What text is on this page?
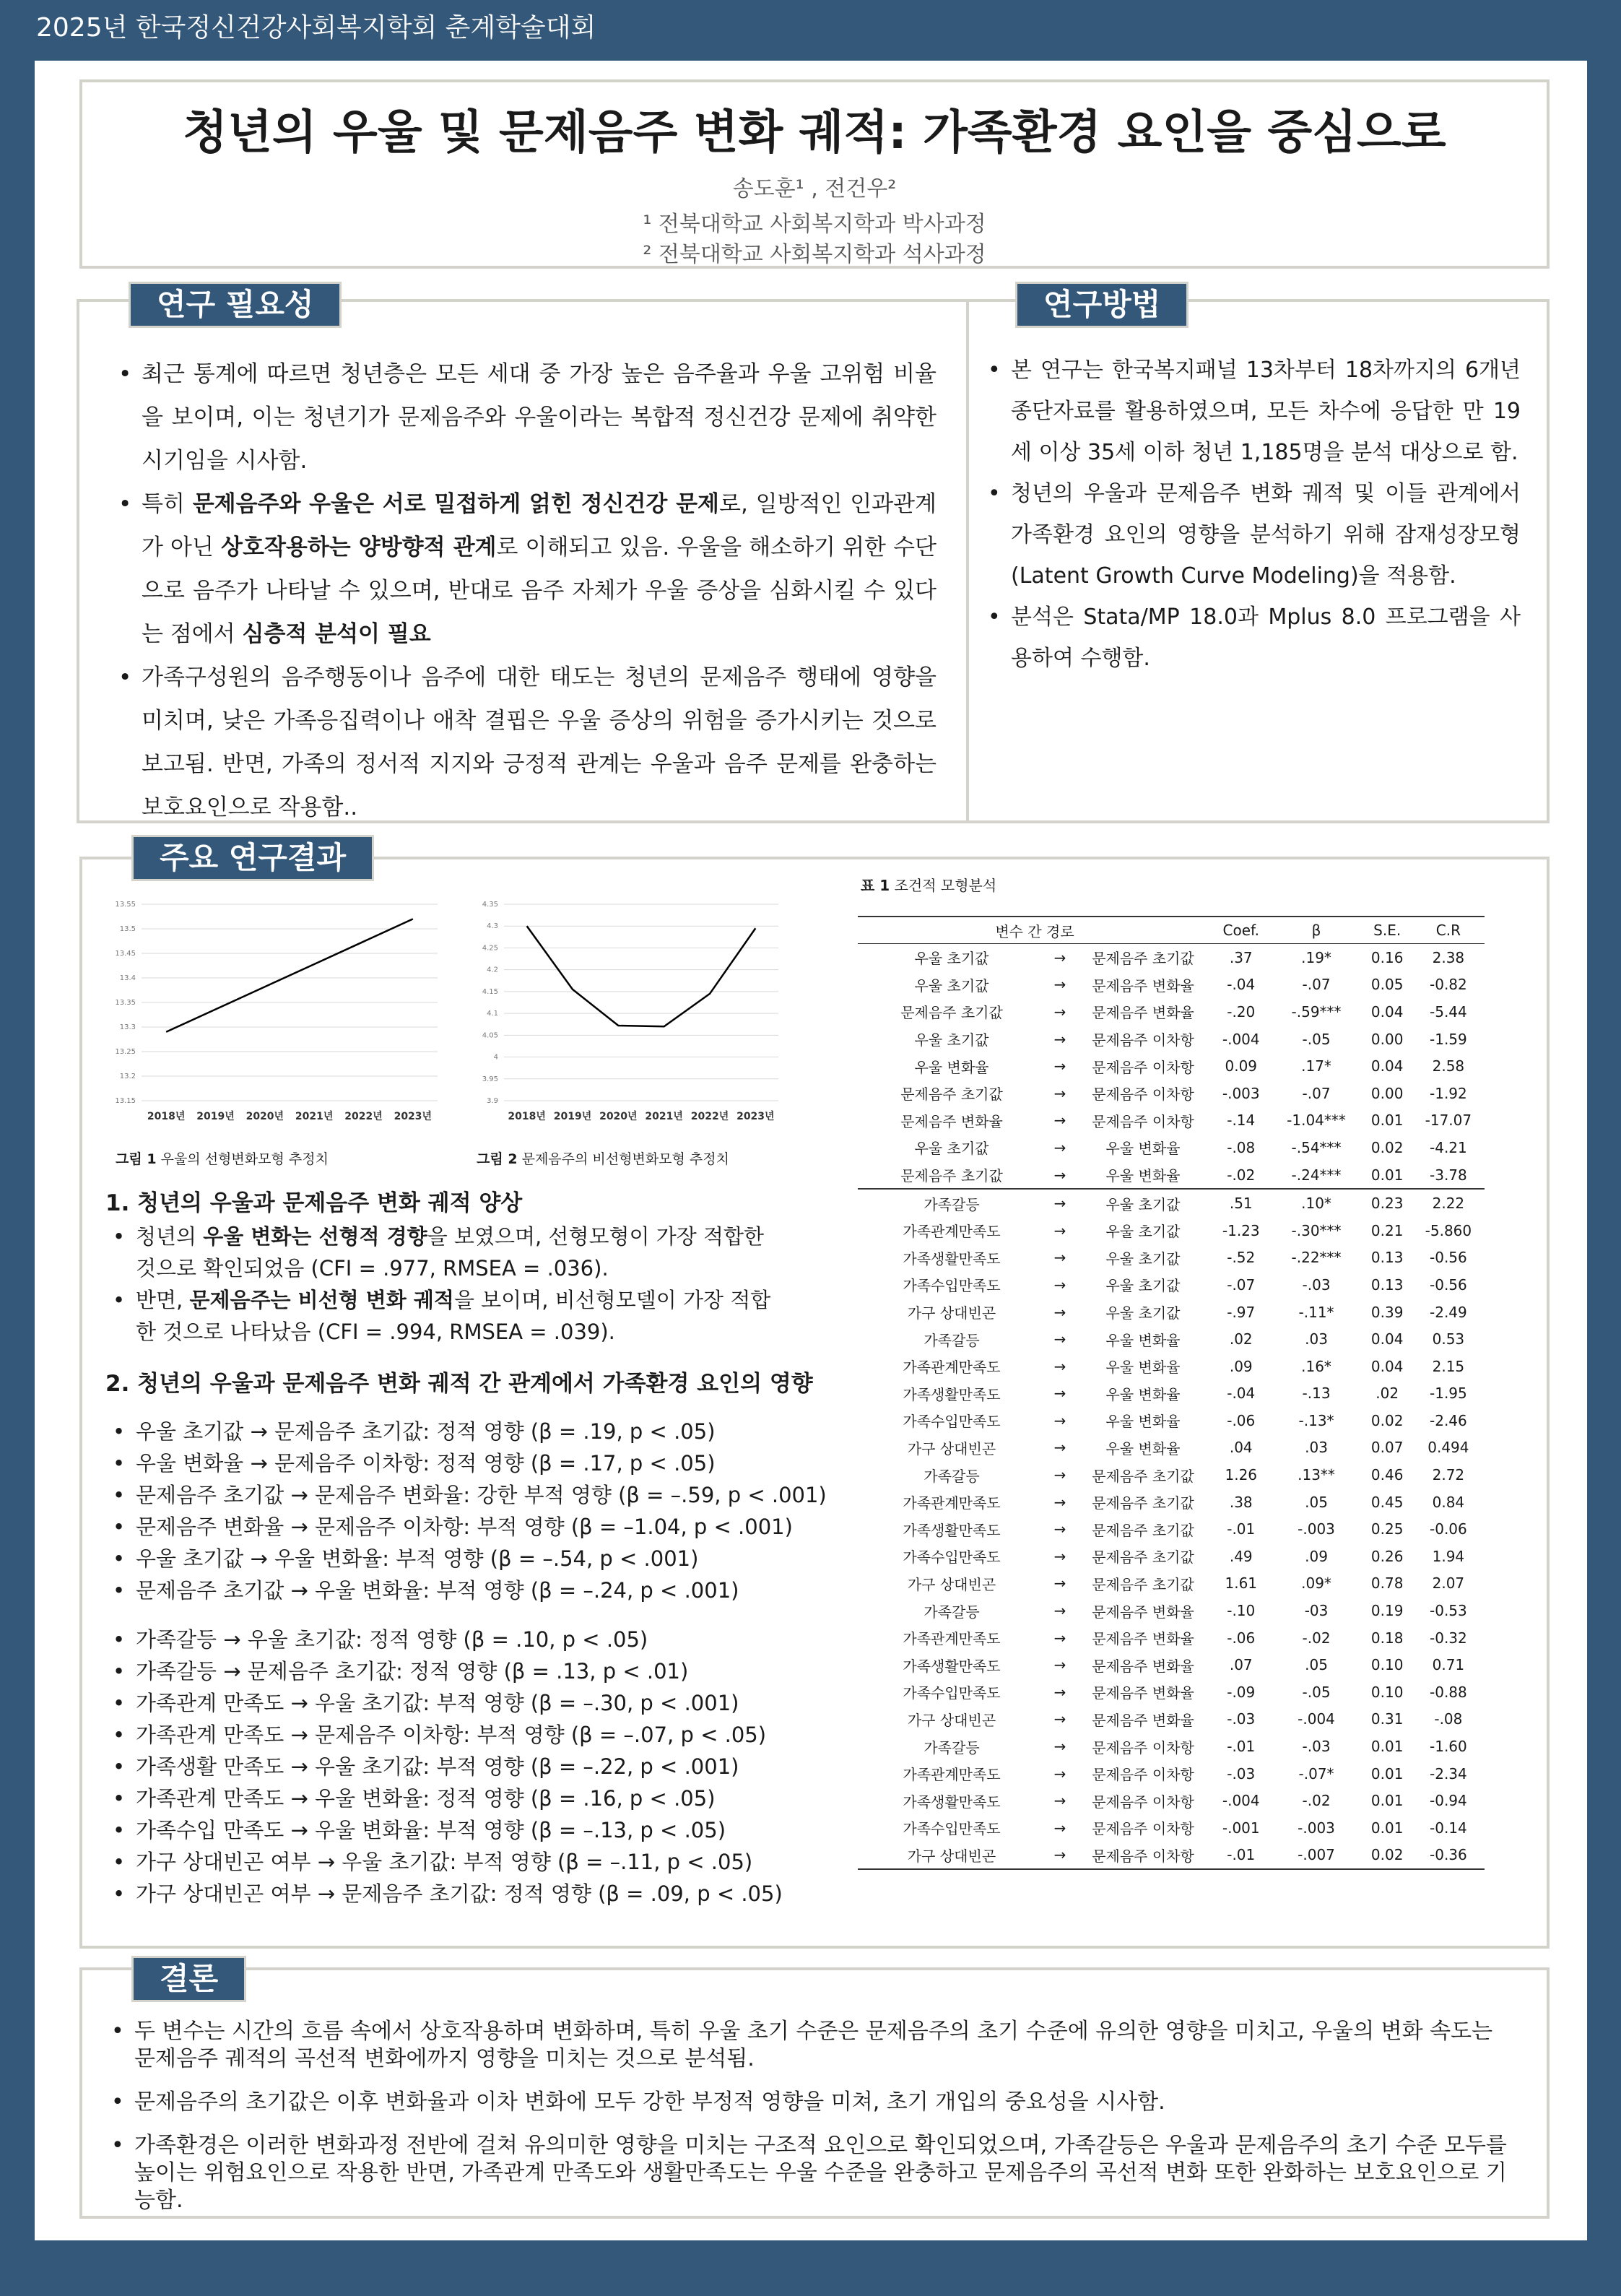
2025년 한국정신건강사회복지학회 춘계학술대회
청년의 우울 및 문제음주 변화 궤적: 가족환경 요인을 중심으로
송도훈¹ , 전건우²
¹ 전북대학교 사회복지학과 박사과정
² 전북대학교 사회복지학과 석사과정
• 최근 통계에 따르면 청년층은 모든 세대 중 가장 높은 음주율과 우울 고위험 비율을 보이며, 이는 청년기가 문제음주와 우울이라는 복합적 정신건강 문제에 취약한 시기임을 시사함.
• 특히 문제음주와 우울은 서로 밀접하게 얽힌 정신건강 문제로, 일방적인 인과관계가 아닌 상호작용하는 양방향적 관계로 이해되고 있음. 우울을 해소하기 위한 수단으로 음주가 나타날 수 있으며, 반대로 음주 자체가 우울 증상을 심화시킬 수 있다는 점에서 심층적 분석이 필요
• 가족구성원의 음주행동이나 음주에 대한 태도는 청년의 문제음주 행태에 영향을 미치며, 낮은 가족응집력이나 애착 결핍은 우울 증상의 위험을 증가시키는 것으로 보고됨. 반면, 가족의 정서적 지지와 긍정적 관계는 우울과 음주 문제를 완충하는 보호요인으로 작용함..
연구 필요성
• 본 연구는 한국복지패널 13차부터 18차까지의 6개년 종단자료를 활용하였으며, 모든 차수에 응답한 만 19세 이상 35세 이하 청년 1,185명을 분석 대상으로 함.
• 청년의 우울과 문제음주 변화 궤적 및 이들 관계에서 가족환경 요인의 영향을 분석하기 위해 잠재성장모형(Latent Growth Curve Modeling)을 적용함.
• 분석은 Stata/MP 18.0과 Mplus 8.0 프로그램을 사용하여 수행함.
연구방법
주요 연구결과
13.55
13.5
13.45
13.4
13.35
13.3
13.25
13.2
13.15
2018년 2019년 2020년 2021년 2022년 2023년
4.35
4.3
4.25
4.2
4.15
4.1
4.05
4
3.95
3.9
2018년 2019년 2020년 2021년 2022년 2023년
그림 1 우울의 선형변화모형 추정치	그림 2 문제음주의 비선형변화모형 추정치
1. 청년의 우울과 문제음주 변화 궤적 양상
• 청년의 우울 변화는 선형적 경향을 보였으며, 선형모형이 가장 적합한 것으로 확인되었음 (CFI = .977, RMSEA = .036).
• 반면, 문제음주는 비선형 변화 궤적을 보이며, 비선형모델이 가장 적합한 것으로 나타났음 (CFI = .994, RMSEA = .039).
2. 청년의 우울과 문제음주 변화 궤적 간 관계에서 가족환경 요인의 영향
• 우울 초기값 → 문제음주 초기값: 정적 영향 (β = .19, p < .05)
• 우울 변화율 → 문제음주 이차항: 정적 영향 (β = .17, p < .05)
• 문제음주 초기값 → 문제음주 변화율: 강한 부적 영향 (β = –.59, p < .001)
• 문제음주 변화율 → 문제음주 이차항: 부적 영향 (β = –1.04, p < .001)
• 우울 초기값 → 우울 변화율: 부적 영향 (β = –.54, p < .001)
• 문제음주 초기값 → 우울 변화율: 부적 영향 (β = –.24, p < .001)
• 가족갈등 → 우울 초기값: 정적 영향 (β = .10, p < .05)
• 가족갈등 → 문제음주 초기값: 정적 영향 (β = .13, p < .01)
• 가족관계 만족도 → 우울 초기값: 부적 영향 (β = –.30, p < .001)
• 가족관계 만족도 → 문제음주 이차항: 부적 영향 (β = –.07, p < .05)
• 가족생활 만족도 → 우울 초기값: 부적 영향 (β = –.22, p < .001)
• 가족관계 만족도 → 우울 변화율: 정적 영향 (β = .16, p < .05)
• 가족수입 만족도 → 우울 변화율: 부적 영향 (β = –.13, p < .05)
• 가구 상대빈곤 여부 → 우울 초기값: 부적 영향 (β = –.11, p < .05)
• 가구 상대빈곤 여부 → 문제음주 초기값: 정적 영향 (β = .09, p < .05)
표 1 조건적 모형분석
변수 간 경로			Coef.	β	S.E.	C.R
우울 초기값	→	문제음주 초기값	.37	.19*	0.16	2.38
우울 초기값	→	문제음주 변화율	-.04	-.07	0.05	-0.82
문제음주 초기값	→	문제음주 변화율	-.20	-.59***	0.04	-5.44
우울 초기값	→	문제음주 이차항	-.004	-.05	0.00	-1.59
우울 변화율	→	문제음주 이차항	0.09	.17*	0.04	2.58
문제음주 초기값	→	문제음주 이차항	-.003	-.07	0.00	-1.92
문제음주 변화율	→	문제음주 이차항	-.14	-1.04***	0.01	-17.07
우울 초기값	→	우울 변화율	-.08	-.54***	0.02	-4.21
문제음주 초기값	→	우울 변화율	-.02	-.24***	0.01	-3.78
가족갈등	→	우울 초기값	.51	.10*	0.23	2.22
가족관계만족도	→	우울 초기값	-1.23	-.30***	0.21	-5.860
가족생활만족도	→	우울 초기값	-.52	-.22***	0.13	-0.56
가족수입만족도	→	우울 초기값	-.07	-.03	0.13	-0.56
가구 상대빈곤	→	우울 초기값	-.97	-.11*	0.39	-2.49
가족갈등	→	우울 변화율	.02	.03	0.04	0.53
가족관계만족도	→	우울 변화율	.09	.16*	0.04	2.15
가족생활만족도	→	우울 변화율	-.04	-.13	.02	-1.95
가족수입만족도	→	우울 변화율	-.06	-.13*	0.02	-2.46
가구 상대빈곤	→	우울 변화율	.04	.03	0.07	0.494
가족갈등	→	문제음주 초기값	1.26	.13**	0.46	2.72
가족관계만족도	→	문제음주 초기값	.38	.05	0.45	0.84
가족생활만족도	→	문제음주 초기값	-.01	-.003	0.25	-0.06
가족수입만족도	→	문제음주 초기값	.49	.09	0.26	1.94
가구 상대빈곤	→	문제음주 초기값	1.61	.09*	0.78	2.07
가족갈등	→	문제음주 변화율	-.10	-03	0.19	-0.53
가족관계만족도	→	문제음주 변화율	-.06	-.02	0.18	-0.32
가족생활만족도	→	문제음주 변화율	.07	.05	0.10	0.71
가족수입만족도	→	문제음주 변화율	-.09	-.05	0.10	-0.88
가구 상대빈곤	→	문제음주 변화율	-.03	-.004	0.31	-.08
가족갈등	→	문제음주 이차항	-.01	-.03	0.01	-1.60
가족관계만족도	→	문제음주 이차항	-.03	-.07*	0.01	-2.34
가족생활만족도	→	문제음주 이차항	-.004	-.02	0.01	-0.94
가족수입만족도	→	문제음주 이차항	-.001	-.003	0.01	-0.14
가구 상대빈곤	→	문제음주 이차항	-.01	-.007	0.02	-0.36
• 두 변수는 시간의 흐름 속에서 상호작용하며 변화하며, 특히 우울 초기 수준은 문제음주의 초기 수준에 유의한 영향을 미치고, 우울의 변화 속도는 문제음주 궤적의 곡선적 변화에까지 영향을 미치는 것으로 분석됨.
• 문제음주의 초기값은 이후 변화율과 이차 변화에 모두 강한 부정적 영향을 미쳐, 초기 개입의 중요성을 시사함.
• 가족환경은 이러한 변화과정 전반에 걸쳐 유의미한 영향을 미치는 구조적 요인으로 확인되었으며, 가족갈등은 우울과 문제음주의 초기 수준 모두를 높이는 위험요인으로 작용한 반면, 가족관계 만족도와 생활만족도는 우울 수준을 완충하고 문제음주의 곡선적 변화 또한 완화하는 보호요인으로 기능함.
결론
